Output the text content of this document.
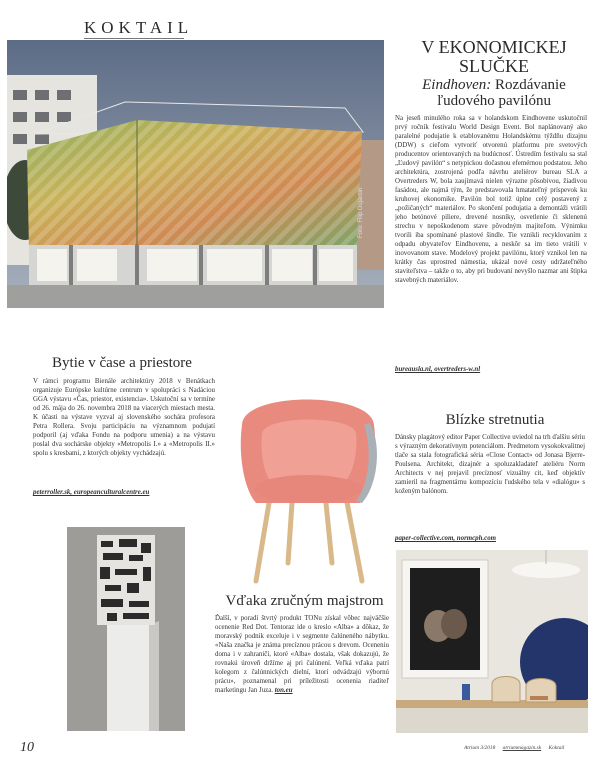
KOKTAIL
Foto: Filip Dujardin
V EKONOMICKEJ SLUČKE
Eindhoven: Rozdávanie ľudového pavilónu
Na jeseň minulého roka sa v holandskom Eindhovene uskutočnil prvý ročník festivalu World Design Event. Bol naplánovaný ako paralelné podujatie k etablovanému Holandskému týždňu dizajnu (DDW) s cieľom vytvoriť otvorenú platformu pre svetových producentov orientovaných na budúcnosť. Ústredím festivalu sa stal „Ľudový pavilón“ s netypickou dočasnou efemérnou podstatou. Jeho architektúra, zostrojená podľa návrhu ateliérov bureau SLA a Overtreders W, bola zaujímavá nielen výrazne pôsobivou, žiadivou fasádou, ale najmä tým, že predstavovala hmatateľný príspevok ku kruhovej ekonomike. Pavilón bol totiž úplne celý postavený z „požičaných“ materiálov. Po skončení podujatia a demontáži vrátili jeho betónové piliere, drevené nosníky, osvetlenie či sklenenú strechu v nepoškodenom stave pôvodným majiteľom. Výnimku tvorili iba spomínané plastové šindle. Tie vznikli recyklovaním z odpadu obyvateľov Eindhovenu, a neskôr sa im tieto vrátili v inovovanom stave. Modelový projekt pavilónu, ktorý vznikol len na krátky čas uprostred námestia, ukázal nové cesty udržateľného staviteľstva – takže o to, aby pri budovaní nevyšlo nazmar ani štipka stavebných materiálov.
bureausla.nl, overtreders-w.nl
Bytie v čase a priestore
V rámci programu Bienále architektúry 2018 v Benátkach organizuje Európske kultúrne centrum v spolupráci s Nadáciou GGA výstavu «Čas, priestor, existencia». Uskutoční sa v termíne od 26. mája do 26. novembra 2018 na viacerých miestach mesta. K účasti na výstave vyzval aj slovenského sochára profesora Petra Rollera. Svoju participáciu na významnom podujatí podporil (aj vďaka Fondu na podporu umenia) a na výstavu poslal dva sochárske objekty «Metropolis I.» a «Metropolis II.» spolu s kresbami, z ktorých objekty vychádzajú.
peterroller.sk, europeanculturalcentre.eu
Blízke stretnutia
Dánsky plagátový editor Paper Collective uviedol na trh ďalšiu sériu s výrazným dekoratívnym potenciálom. Predmetom vysokokvalitnej tlače sa stala fotografická séria «Close Contact» od Jonasa Bjerre-Poulsena. Architekt, dizajnér a spoluzakladateľ ateliéru Norm Architects v nej prejavil precíznosť vizuálny cit, keď objektív zamieril na fragmentárnu kompozíciu ľudského tela v «dialógu» s koženým balónom.
paper-collective.com, normcph.com
Vďaka zručným majstrom
Ďalší, v poradí štvrtý produkt TONu získal vôbec najväčšie ocenenie Red Dot. Tentoraz ide o kreslo «Alba» a dôkaz, že moravský podnik exceluje i v segmente čalúneného nábytku. «Naša značka je známa precíznou prácou s drevom. Oceneniu doma i v zahraničí, ktoré «Alba» dostala, však dokazujú, že rovnakú úroveň držíme aj pri čalúnení. Veľká vďaka patrí kolegom z čalúnnických dielní, ktorí odvádzajú výbornú prácu», poznamenal pri príležitosti ocenenia riaditeľ marketingu Jan Juza. ton.eu
10	Atrium 3/2018 atriummagazin.sk Koktail
